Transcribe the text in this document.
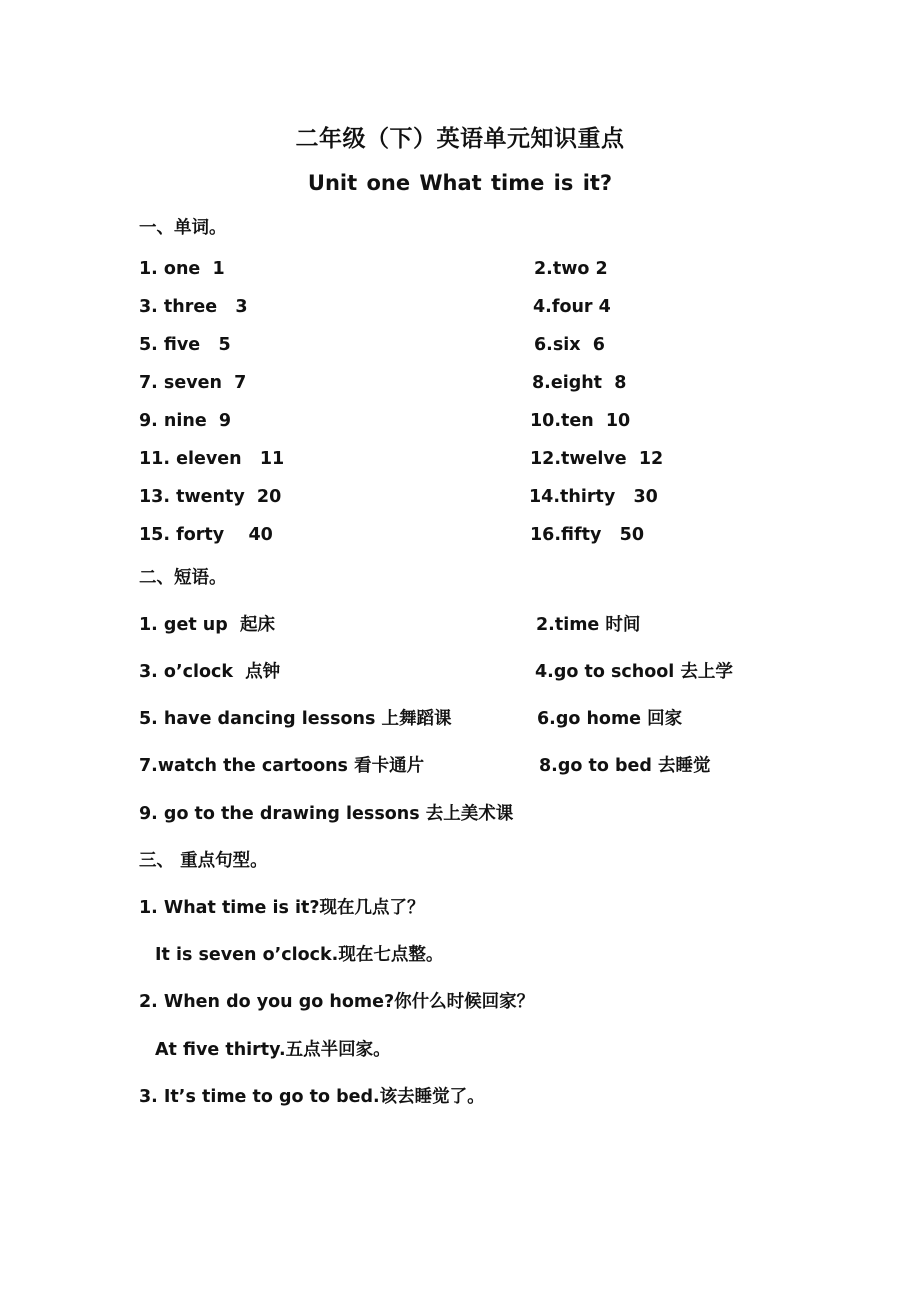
二年级（下）英语单元知识重点
Unit one What time is it?
一、单词。
1. one  1	2.two 2
3. three   3	4.four 4
5. five   5	6.six  6
7. seven  7	8.eight  8
9. nine  9	10.ten  10
11. eleven   11	12.twelve  12
13. twenty  20	14.thirty   30
15. forty    40	16.fifty   50
二、短语。
1. get up  起床	2.time 时间
3. o’clock  点钟	4.go to school 去上学
5. have dancing lessons 上舞蹈课	6.go home 回家
7.watch the cartoons 看卡通片	8.go to bed 去睡觉
9. go to the drawing lessons 去上美术课
三、 重点句型。
1. What time is it?现在几点了？
It is seven o’clock.现在七点整。
2. When do you go home?你什么时候回家？
At five thirty.五点半回家。
3. It’s time to go to bed.该去睡觉了。
